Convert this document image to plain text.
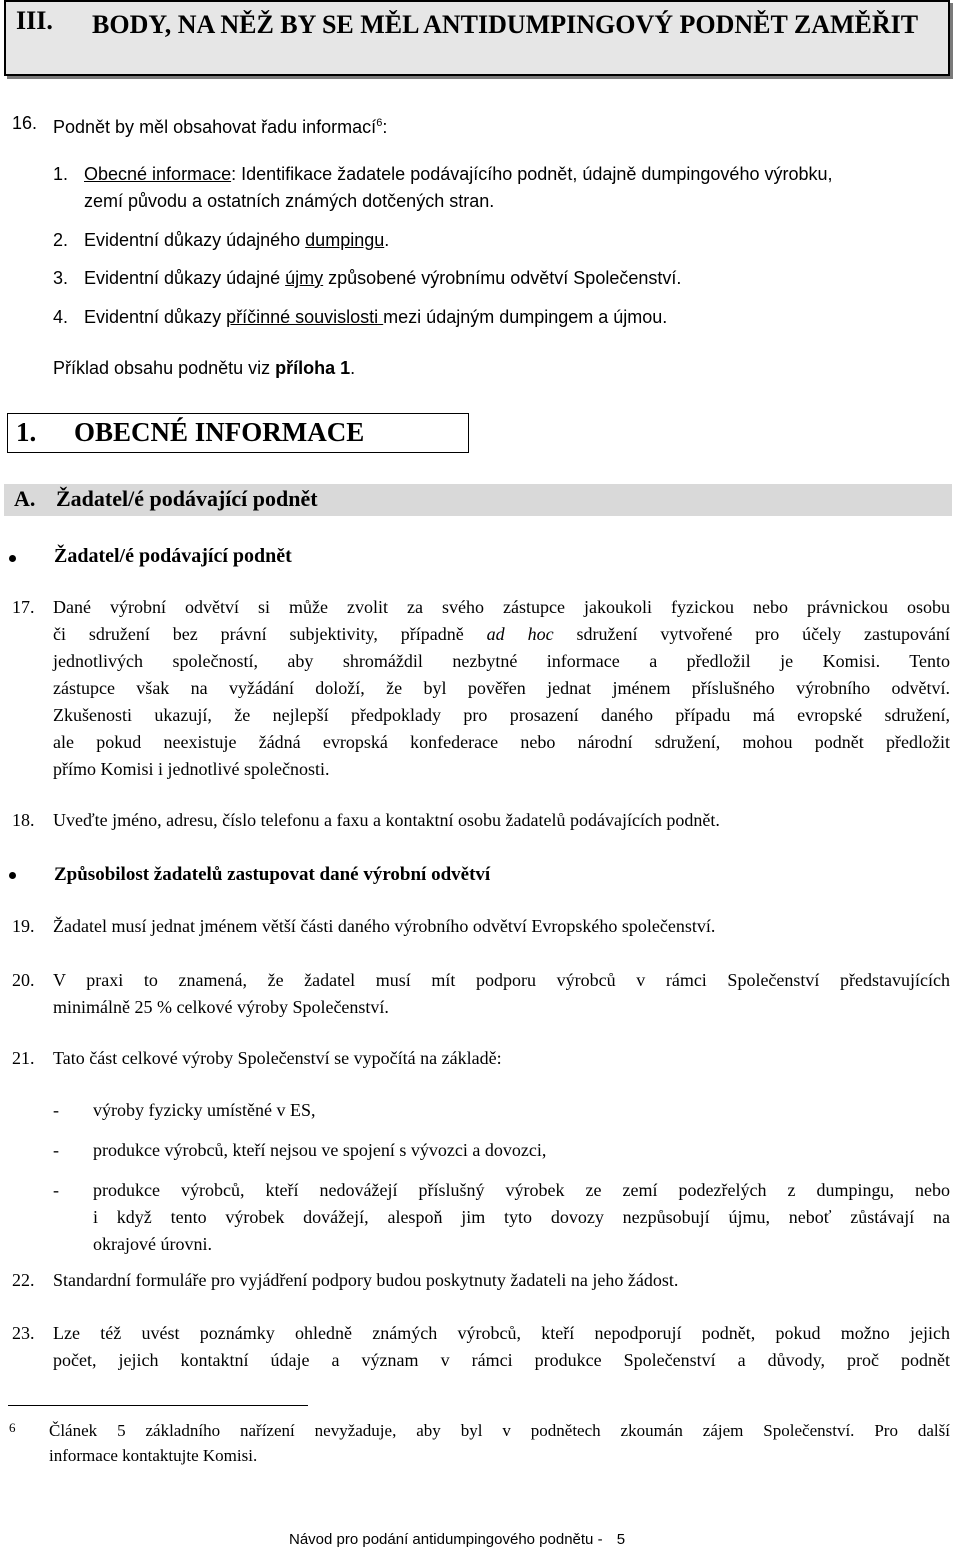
III. BODY, NA NĚŽ BY SE MĚL ANTIDUMPINGOVÝ PODNĚT ZAMĚŘIT
16. Podnět by měl obsahovat řadu informací$^6$:
1. Obecné informace: Identifikace žadatele podávajícího podnět, údajně dumpingového výrobku,
zemí původu a ostatních známých dotčených stran.
2. Evidentní důkazy údajného dumpingu.
3. Evidentní důkazy údajné újmy způsobené výrobnímu odvětví Společenství.
4. Evidentní důkazy příčinné souvislosti mezi údajným dumpingem a újmou.
Příklad obsahu podnětu viz příloha 1.
1. OBECNÉ INFORMACE
A. Žadatel/é podávající podnět
Žadatel/é podávající podnět
17. Dané výrobní odvětví si může zvolit za svého zástupce jakoukoli fyzickou nebo právnickou osobu
či sdružení bez právní subjektivity, případně ad hoc sdružení vytvořené pro účely zastupování
jednotlivých společností, aby shromáždil nezbytné informace a předložil je Komisi. Tento
zástupce však na vyžádání doloží, že byl pověřen jednat jménem příslušného výrobního odvětví.
Zkušenosti ukazují, že nejlepší předpoklady pro prosazení daného případu má evropské sdružení,
ale pokud neexistuje žádná evropská konfederace nebo národní sdružení, mohou podnět předložit
přímo Komisi i jednotlivé společnosti.
18. Uveďte jméno, adresu, číslo telefonu a faxu a kontaktní osobu žadatelů podávajících podnět.
Způsobilost žadatelů zastupovat dané výrobní odvětví
19. Žadatel musí jednat jménem větší části daného výrobního odvětví Evropského společenství.
20. V praxi to znamená, že žadatel musí mít podporu výrobců v rámci Společenství představujících
minimálně 25 % celkové výroby Společenství.
21. Tato část celkové výroby Společenství se vypočítá na základě:
- výroby fyzicky umístěné v ES,
- produkce výrobců, kteří nejsou ve spojení s vývozci a dovozci,
- produkce výrobců, kteří nedovážejí příslušný výrobek ze zemí podezřelých z dumpingu, nebo
i když tento výrobek dovážejí, alespoň jim tyto dovozy nezpůsobují újmu, neboť zůstávají na
okrajové úrovni.
22. Standardní formuláře pro vyjádření podpory budou poskytnuty žadateli na jeho žádost.
23. Lze též uvést poznámky ohledně známých výrobců, kteří nepodporují podnět, pokud možno jejich
počet, jejich kontaktní údaje a význam v rámci produkce Společenství a důvody, proč podnět
6 Článek 5 základního nařízení nevyžaduje, aby byl v podnětech zkoumán zájem Společenství. Pro další
informace kontaktujte Komisi.
Návod pro podání antidumpingového podnětu - 5
